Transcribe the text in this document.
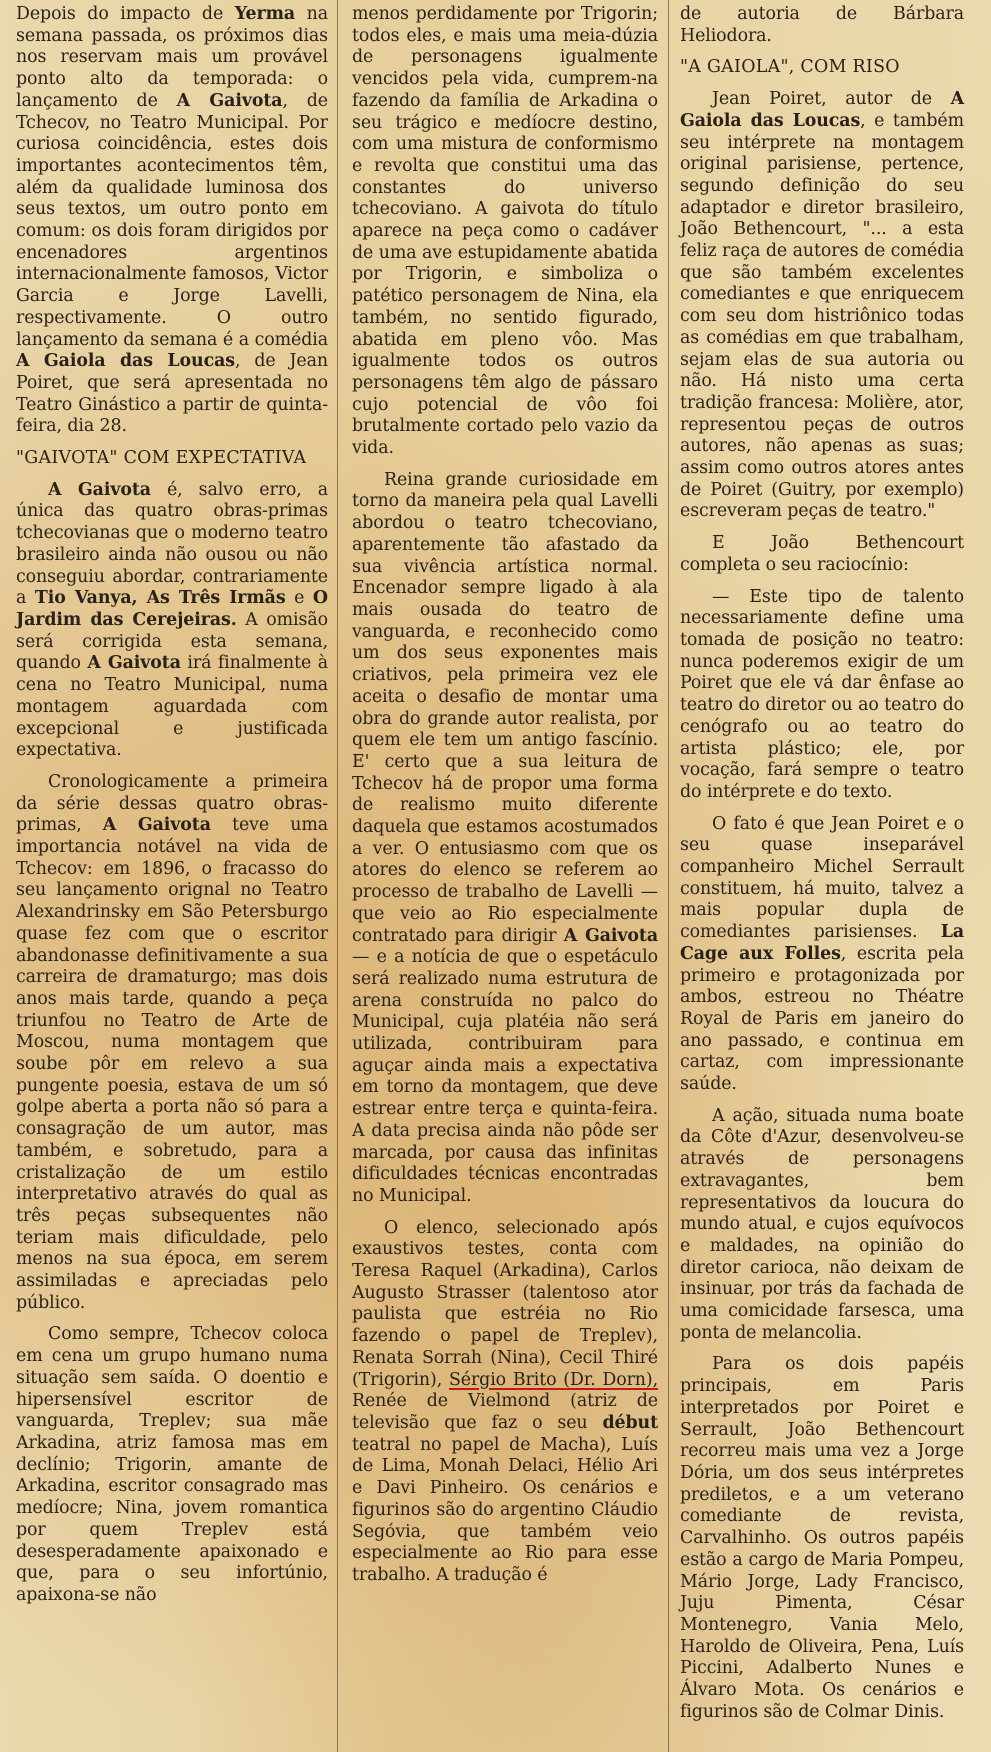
Depois do impacto de Yerma na semana passada, os próximos dias nos reservam mais um provável ponto alto da temporada: o lançamento de A Gaivota, de Tchecov, no Teatro Municipal. Por curiosa coincidência, estes dois importantes acontecimentos têm, além da qualidade luminosa dos seus textos, um outro ponto em comum: os dois foram dirigidos por encenadores argentinos internacionalmente famosos, Victor Garcia e Jorge Lavelli, respectivamente. O outro lançamento da semana é a comédia A Gaiola das Loucas, de Jean Poiret, que será apresentada no Teatro Ginástico a partir de quinta-feira, dia 28.

"GAIVOTA" COM EXPECTATIVA

A Gaivota é, salvo erro, a única das quatro obras-primas tchecovianas que o moderno teatro brasileiro ainda não ousou ou não conseguiu abordar, contrariamente a Tio Vanya, As Três Irmãs e O Jardim das Cerejeiras. A omisão será corrigida esta semana, quando A Gaivota irá finalmente à cena no Teatro Municipal, numa montagem aguardada com excepcional e justificada expectativa.

Cronologicamente a primeira da série dessas quatro obras-primas, A Gaivota teve uma importancia notável na vida de Tchecov: em 1896, o fracasso do seu lançamento orignal no Teatro Alexandrinsky em São Petersburgo quase fez com que o escritor abandonasse definitivamente a sua carreira de dramaturgo; mas dois anos mais tarde, quando a peça triunfou no Teatro de Arte de Moscou, numa montagem que soube pôr em relevo a sua pungente poesia, estava de um só golpe aberta a porta não só para a consagração de um autor, mas também, e sobretudo, para a cristalização de um estilo interpretativo através do qual as três peças subsequentes não teriam mais dificuldade, pelo menos na sua época, em serem assimiladas e apreciadas pelo público.

Como sempre, Tchecov coloca em cena um grupo humano numa situação sem saída. O doentio e hipersensível escritor de vanguarda, Treplev; sua mãe Arkadina, atriz famosa mas em declínio; Trigorin, amante de Arkadina, escritor consagrado mas medíocre; Nina, jovem romantica por quem Treplev está desesperadamente apaixonado e que, para o seu infortúnio, apaixona-se não

menos perdidamente por Trigorin; todos eles, e mais uma meia-dúzia de personagens igualmente vencidos pela vida, cumprem-na fazendo da família de Arkadina o seu trágico e medíocre destino, com uma mistura de conformismo e revolta que constitui uma das constantes do universo tchecoviano. A gaivota do título aparece na peça como o cadáver de uma ave estupidamente abatida por Trigorin, e simboliza o patético personagem de Nina, ela também, no sentido figurado, abatida em pleno vôo. Mas igualmente todos os outros personagens têm algo de pássaro cujo potencial de vôo foi brutalmente cortado pelo vazio da vida.

Reina grande curiosidade em torno da maneira pela qual Lavelli abordou o teatro tchecoviano, aparentemente tão afastado da sua vivência artística normal. Encenador sempre ligado à ala mais ousada do teatro de vanguarda, e reconhecido como um dos seus exponentes mais criativos, pela primeira vez ele aceita o desafio de montar uma obra do grande autor realista, por quem ele tem um antigo fascínio. E' certo que a sua leitura de Tchecov há de propor uma forma de realismo muito diferente daquela que estamos acostumados a ver. O entusiasmo com que os atores do elenco se referem ao processo de trabalho de Lavelli — que veio ao Rio especialmente contratado para dirigir A Gaivota — e a notícia de que o espetáculo será realizado numa estrutura de arena construída no palco do Municipal, cuja platéia não será utilizada, contribuiram para aguçar ainda mais a expectativa em torno da montagem, que deve estrear entre terça e quinta-feira. A data precisa ainda não pôde ser marcada, por causa das infinitas dificuldades técnicas encontradas no Municipal.

O elenco, selecionado após exaustivos testes, conta com Teresa Raquel (Arkadina), Carlos Augusto Strasser (talentoso ator paulista que estréia no Rio fazendo o papel de Treplev), Renata Sorrah (Nina), Cecil Thiré (Trigorin), Sérgio Brito (Dr. Dorn), Renée de Vielmond (atriz de televisão que faz o seu début teatral no papel de Macha), Luís de Lima, Monah Delaci, Hélio Ari e Davi Pinheiro. Os cenários e figurinos são do argentino Cláudio Segóvia, que também veio especialmente ao Rio para esse trabalho. A tradução é

de autoria de Bárbara Heliodora.

"A GAIOLA", COM RISO

Jean Poiret, autor de A Gaiola das Loucas, e também seu intérprete na montagem original parisiense, pertence, segundo definição do seu adaptador e diretor brasileiro, João Bethencourt, "... a esta feliz raça de autores de comédia que são também excelentes comediantes e que enriquecem com seu dom histriônico todas as comédias em que trabalham, sejam elas de sua autoria ou não. Há nisto uma certa tradição francesa: Molière, ator, representou peças de outros autores, não apenas as suas; assim como outros atores antes de Poiret (Guitry, por exemplo) escreveram peças de teatro."

E João Bethencourt completa o seu raciocínio:

— Este tipo de talento necessariamente define uma tomada de posição no teatro: nunca poderemos exigir de um Poiret que ele vá dar ênfase ao teatro do diretor ou ao teatro do cenógrafo ou ao teatro do artista plástico; ele, por vocação, fará sempre o teatro do intérprete e do texto.

O fato é que Jean Poiret e o seu quase inseparável companheiro Michel Serrault constituem, há muito, talvez a mais popular dupla de comediantes parisienses. La Cage aux Folles, escrita pela primeiro e protagonizada por ambos, estreou no Théatre Royal de Paris em janeiro do ano passado, e continua em cartaz, com impressionante saúde.

A ação, situada numa boate da Côte d'Azur, desenvolveu-se através de personagens extravagantes, bem representativos da loucura do mundo atual, e cujos equívocos e maldades, na opinião do diretor carioca, não deixam de insinuar, por trás da fachada de uma comicidade farsesca, uma ponta de melancolia.

Para os dois papéis principais, em Paris interpretados por Poiret e Serrault, João Bethencourt recorreu mais uma vez a Jorge Dória, um dos seus intérpretes prediletos, e a um veterano comediante de revista, Carvalhinho. Os outros papéis estão a cargo de Maria Pompeu, Mário Jorge, Lady Francisco, Juju Pimenta, César Montenegro, Vania Melo, Haroldo de Oliveira, Pena, Luís Piccini, Adalberto Nunes e Álvaro Mota. Os cenários e figurinos são de Colmar Dinis.
